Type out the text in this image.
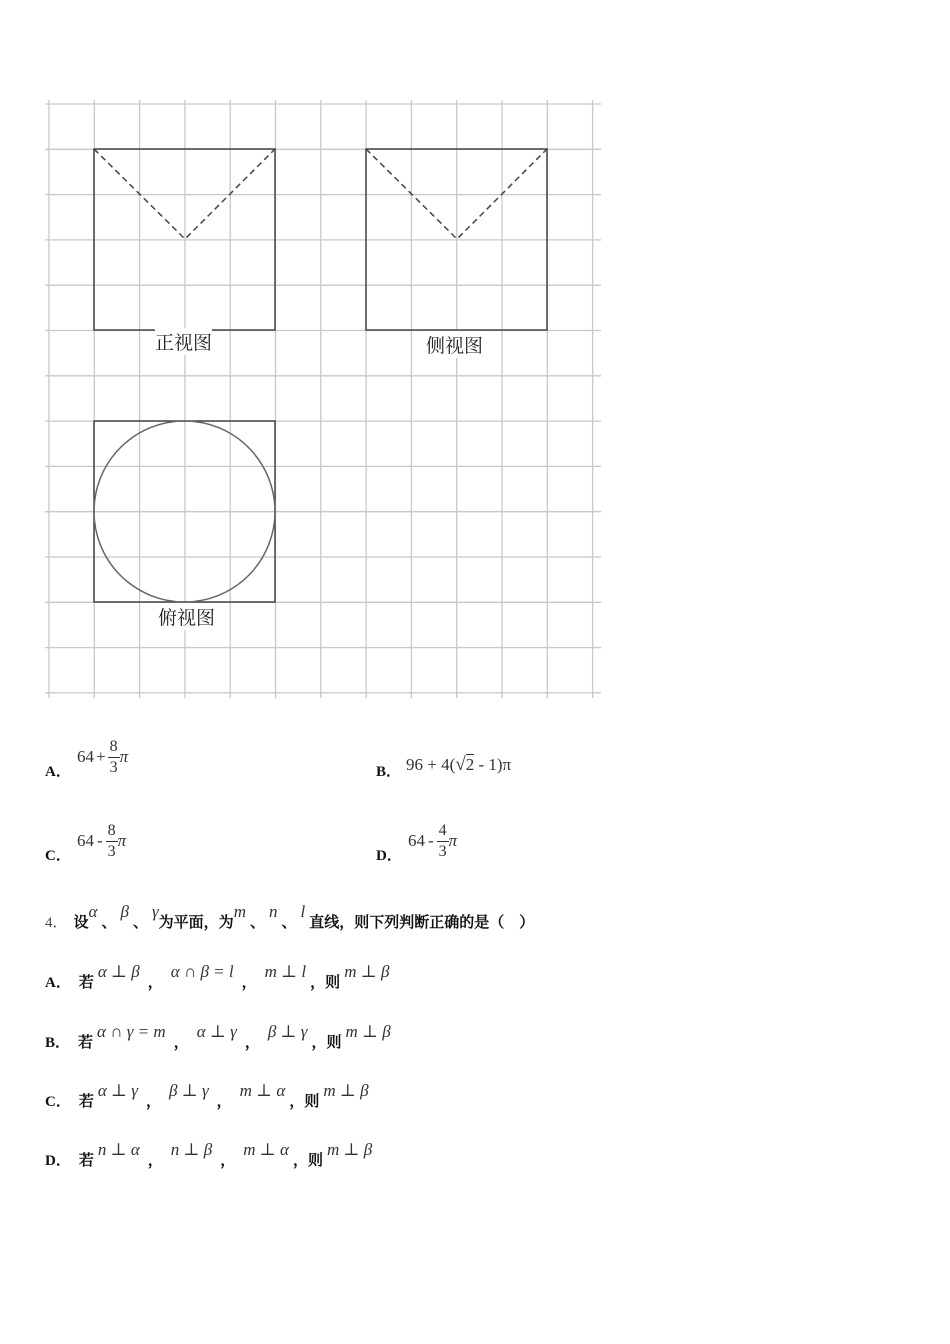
正视图	侧视图
俯视图
A．
$64 + \frac{8}{3}$ π
B． 96 + 4(√2 - 1)π
C．
$64 - \frac{8}{3}$ π
D．
$64 - \frac{4}{3}$ π
4． 设
α
、
β
、
γ
为平面，为
m
、
n
、
l
直线，则下列判断正确的是（　）
A． 若
α ⊥ β
，
α ∩ β = l
，
m ⊥ l
， 则
m ⊥ β
B． 若
α ∩ γ = m
，
α ⊥ γ
，
β ⊥ γ
， 则
m ⊥ β
C． 若
α ⊥ γ
，
β ⊥ γ
，
m ⊥ α
， 则
m ⊥ β
D． 若
n ⊥ α
，
n ⊥ β
，
m ⊥ α
， 则
m ⊥ β
